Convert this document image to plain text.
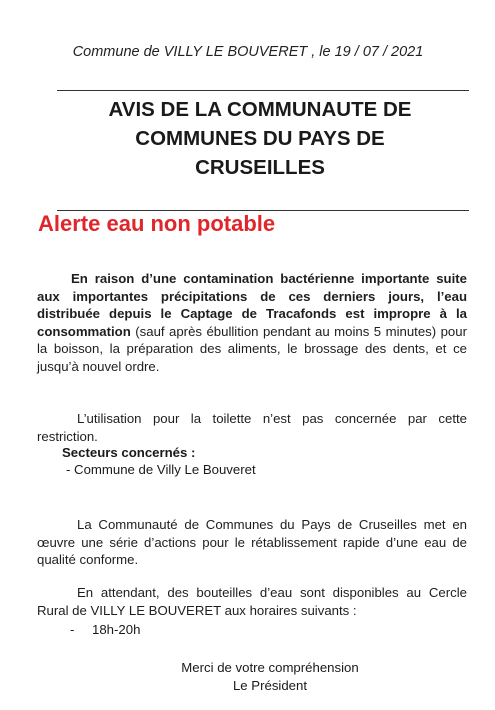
Commune de VILLY LE BOUVERET , le 19 / 07 / 2021
AVIS DE LA COMMUNAUTE DE
COMMUNES DU PAYS DE
CRUSEILLES
Alerte eau non potable
En raison d’une contamination bactérienne importante suite aux importantes précipitations de ces derniers jours, l’eau distribuée depuis le Captage de Tracafonds est impropre à la consommation (sauf après ébullition pendant au moins 5 minutes) pour la boisson, la préparation des aliments, le brossage des dents, et ce jusqu’à nouvel ordre.
L’utilisation pour la toilette n’est pas concernée par cette restriction.
Secteurs concernés :
- Commune de Villy Le Bouveret
La Communauté de Communes du Pays de Cruseilles met en œuvre une série d’actions pour le rétablissement rapide d’une eau de qualité conforme.
En attendant, des bouteilles d’eau sont disponibles au Cercle Rural de VILLY LE BOUVERET aux horaires suivants :
- 18h-20h
Merci de votre compréhension
Le Président
